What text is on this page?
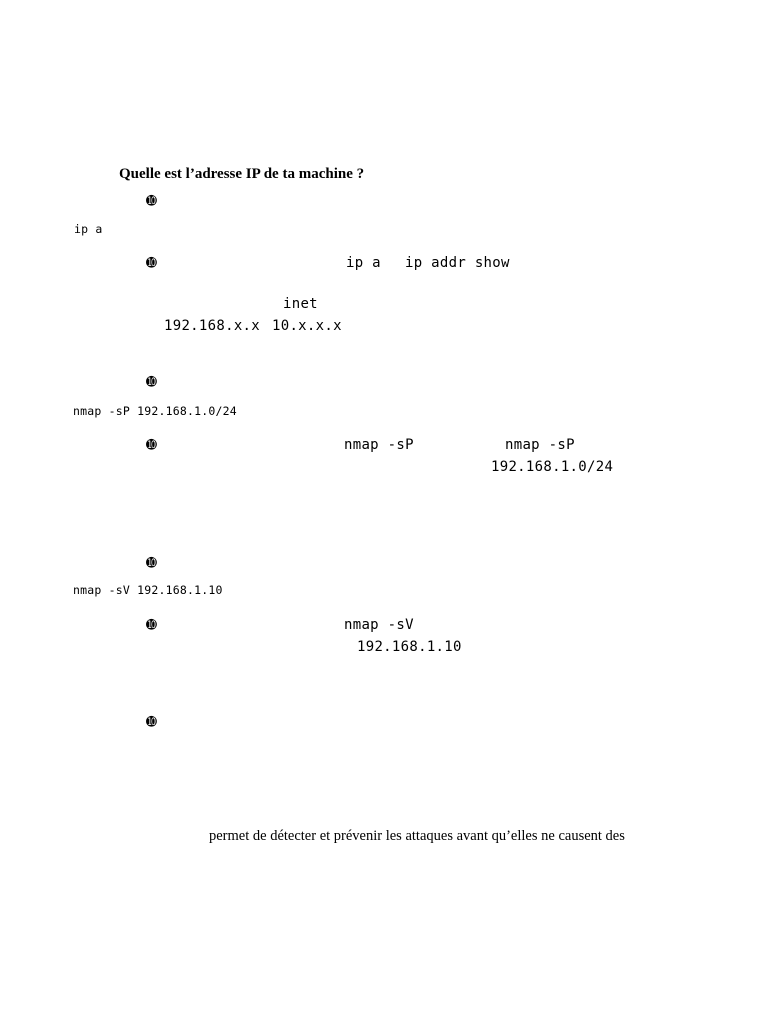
Quelle est l’adresse IP de ta machine ?
➓
ip a
➓	ip a ip addr show
inet
192.168.x.x 10.x.x.x
➓
nmap -sP 192.168.1.0/24
➓	nmap -sP	nmap -sP
192.168.1.0/24
➓
nmap -sV 192.168.1.10
➓	nmap -sV
192.168.1.10
➓
permet de détecter et prévenir les attaques avant qu’elles ne causent des
